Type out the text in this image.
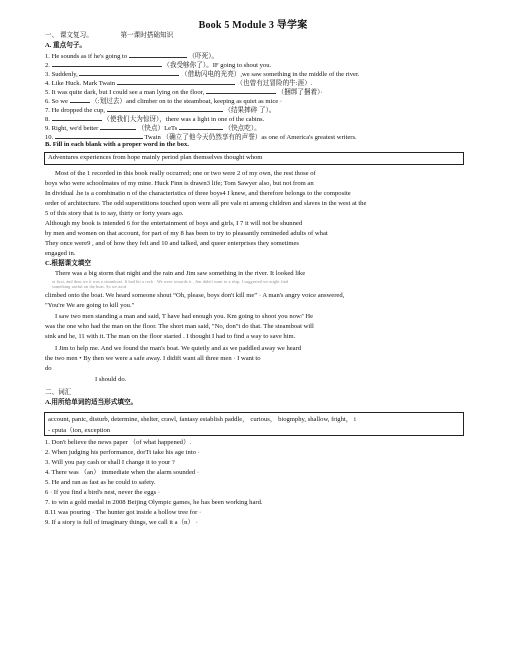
Book 5 Module 3 导学案
一、 课文复习。	第一课时搭础知识
A. 重点句子。
1. He sounds as if he's going to	（吓死）。
2.	（我受够你了）。IF going to shout you.
3. Suddenly,	（借助闪电的光亮）,we saw something in the middle of the river.
4. Like Huck. Mark Twain	（也曾有过冒险的牛:涯）.
5. It was quite dark, but I could see a man lying on the floor,	（捆绑了捆着）·
6. So we	（:划过去）and climber on to the steamboat, keeping as quiet as mice ·
7. He dropped the cup,	（结果摔碎 了）。
8.	（使我们大为惊讶），there was a light in one of the cabins.
9. Right, we'd better	（快点）LeTs	（快点吃）。
10.	Twain （确立了他今天仍然享有的声誉）as one of America's greatest writers.
B. Fill in each blank with a proper word in the box.
Adventures experiences from hope mainly period plan themselves thought whom
Most of the 1 recorded in this book really occurred; one or two were 2 of my own, the rest those of
boys who were schoolmates of my mine. Huck Finn is drawn3 life; Tom Sawyer also, but not from an
In dividual .he is a combinatio n of the characteristics of three boys4 I knew, and therefore belongs to the composite
order of architecture. The odd superstitions touched upon were all pre vale nt among children and slaves in the west at the
5 of this story that is to say, thirty or forty years ago.
Although my book is intended 6 for the entertainment of boys and girls, I 7 it will not be shunned
by men and women on that account, for part of my 8 has been to try to pleasantly remineded adults of what
They once were9 , and of how they felt and 10 and talked, and queer enterprises they sometimes
engaged in.
C.根据课文填空
There was a big storm that night and the rain and Jim saw something in the river. It looked like
at first, and then we it was a steamboat. It had hit a rock · We were towards it , Jim didn't want to a ship, I suggested we might find
something useful on the boat. So we aord
climbed onto the boat. We heard someone shout “Oh, please, boys don't kill me” · A man's angry voice answered,
"You're We are going to kill you."
I saw two men standing a man and said, T have had enough you. Km going to shoot you now/' He
was the one who had the man on the floor. The short man said, "No, don"t do that. The steamboat will
sink and he, 11 with it. The man on the floor started . I thought I had to find a way to save him.
I Jim to help me. And we found the man's boat. We quietly and as we paddled away we heard
the two men • By then we were a safe away. I didift want all three men · I want to
do
I should do.
二、词汇
A.用所给单词的适当形式填空。
account, panic, disturb, determine, shelter, crawl, fantasy establish paddle， curious， biogmphy, shallow, fright， i
- cputa（ion, exception
1. Don't believe the news paper （of what happened）.
2. When judging his performance, dorTt take his age into ·
3. Will you pay cash or shall I change it to your ?
4. There was （an） immediate when the alarm sounded ·
5. He and ran as fast as he could to safety.
6 · If you find a bird's nest, never the eggs ·
7. to win a gold medal in 2008 Beijing Olympic games, he has been working hard.
8.11 was pouring · The hunter got inside a hollow tree for ·
9. If a story is full of imaginary things, we call it a（n） ·
